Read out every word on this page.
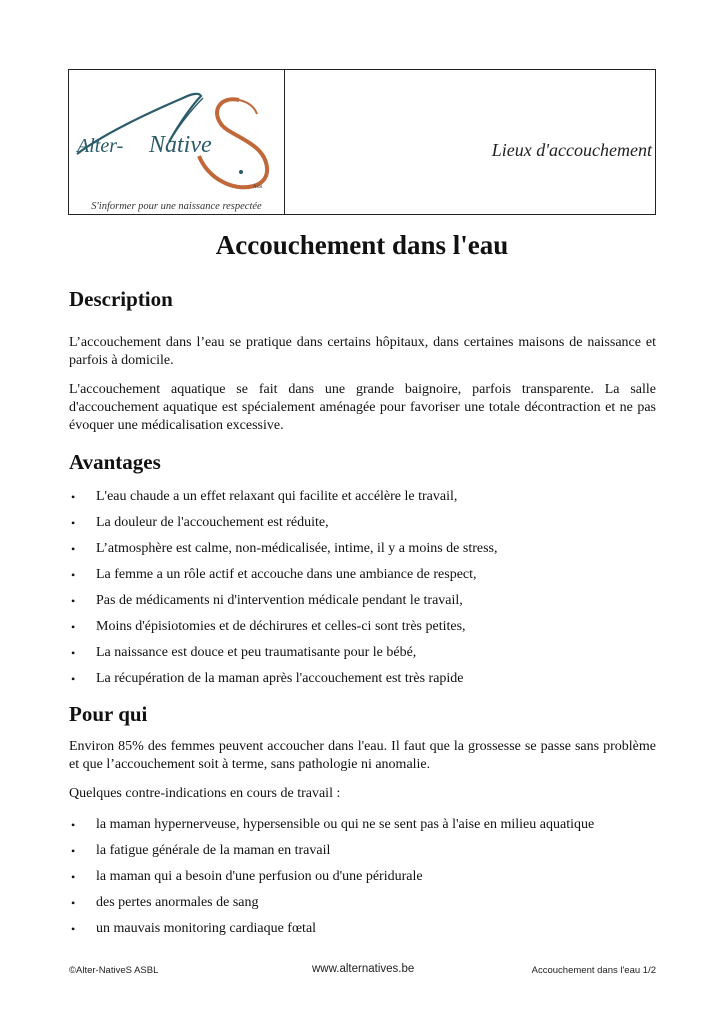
Alter- Native
Asbl
S'informer pour une naissance respectée
Lieux d'accouchement
Accouchement dans l'eau
Description

L’accouchement dans l’eau se pratique dans certains hôpitaux, dans certaines maisons de naissance et parfois à domicile.

L'accouchement aquatique se fait dans une grande baignoire, parfois transparente. La salle d'accouchement aquatique est spécialement aménagée pour favoriser une totale décontraction et ne pas évoquer une médicalisation excessive.

Avantages
• L'eau chaude a un effet relaxant qui facilite et accélère le travail,
• La douleur de l'accouchement est réduite,
• L’atmosphère est calme, non-médicalisée, intime, il y a moins de stress,
• La femme a un rôle actif et accouche dans une ambiance de respect,
• Pas de médicaments ni d'intervention médicale pendant le travail,
• Moins d'épisiotomies et de déchirures et celles-ci sont très petites,
• La naissance est douce et peu traumatisante pour le bébé,
• La récupération de la maman après l'accouchement est très rapide
Pour qui

Environ 85% des femmes peuvent accoucher dans l'eau. Il faut que la grossesse se passe sans problème et que l’accouchement soit à terme, sans pathologie ni anomalie.

Quelques contre-indications en cours de travail :

• la maman hypernerveuse, hypersensible ou qui ne se sent pas à l'aise en milieu aquatique
• la fatigue générale de la maman en travail
• la maman qui a besoin d'une perfusion ou d'une péridurale
• des pertes anormales de sang
• un mauvais monitoring cardiaque fœtal
©Alter-NativeS ASBL	www.alternatives.be	Accouchement dans l'eau 1/2
